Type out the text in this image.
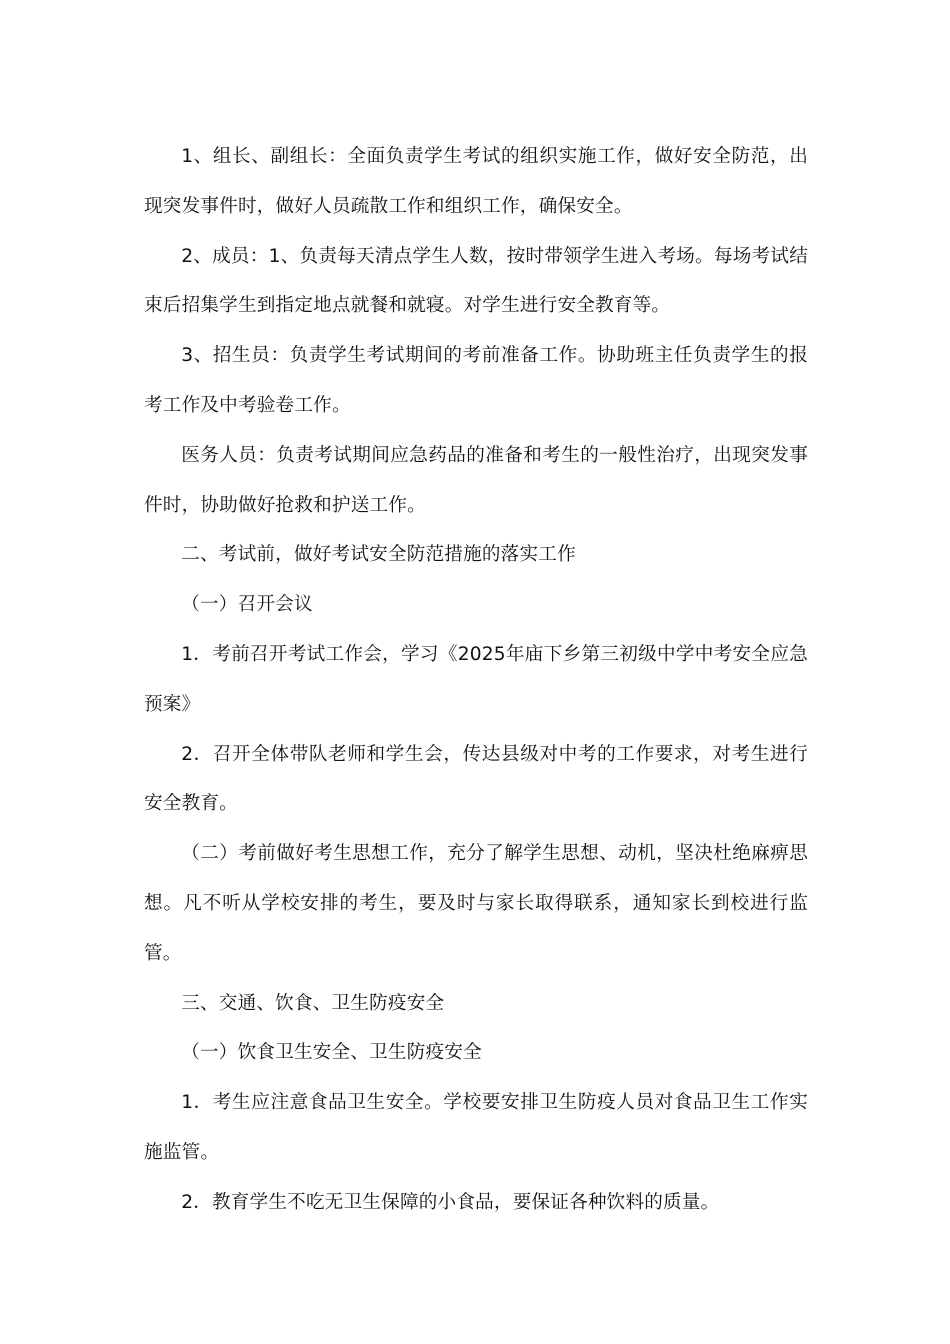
1、组长、副组长：全面负责学生考试的组织实施工作，做好安全防范，出现突发事件时，做好人员疏散工作和组织工作，确保安全。

2、成员：1、负责每天清点学生人数，按时带领学生进入考场。每场考试结束后招集学生到指定地点就餐和就寝。对学生进行安全教育等。

3、招生员：负责学生考试期间的考前准备工作。协助班主任负责学生的报考工作及中考验卷工作。

医务人员：负责考试期间应急药品的准备和考生的一般性治疗，出现突发事件时，协助做好抢救和护送工作。

二、考试前，做好考试安全防范措施的落实工作

（一）召开会议

1．考前召开考试工作会，学习《2025年庙下乡第三初级中学中考安全应急预案》

2．召开全体带队老师和学生会，传达县级对中考的工作要求，对考生进行安全教育。

（二）考前做好考生思想工作，充分了解学生思想、动机，坚决杜绝麻痹思想。凡不听从学校安排的考生，要及时与家长取得联系，通知家长到校进行监管。

三、交通、饮食、卫生防疫安全

（一）饮食卫生安全、卫生防疫安全

1．考生应注意食品卫生安全。学校要安排卫生防疫人员对食品卫生工作实施监管。

2．教育学生不吃无卫生保障的小食品，要保证各种饮料的质量。
